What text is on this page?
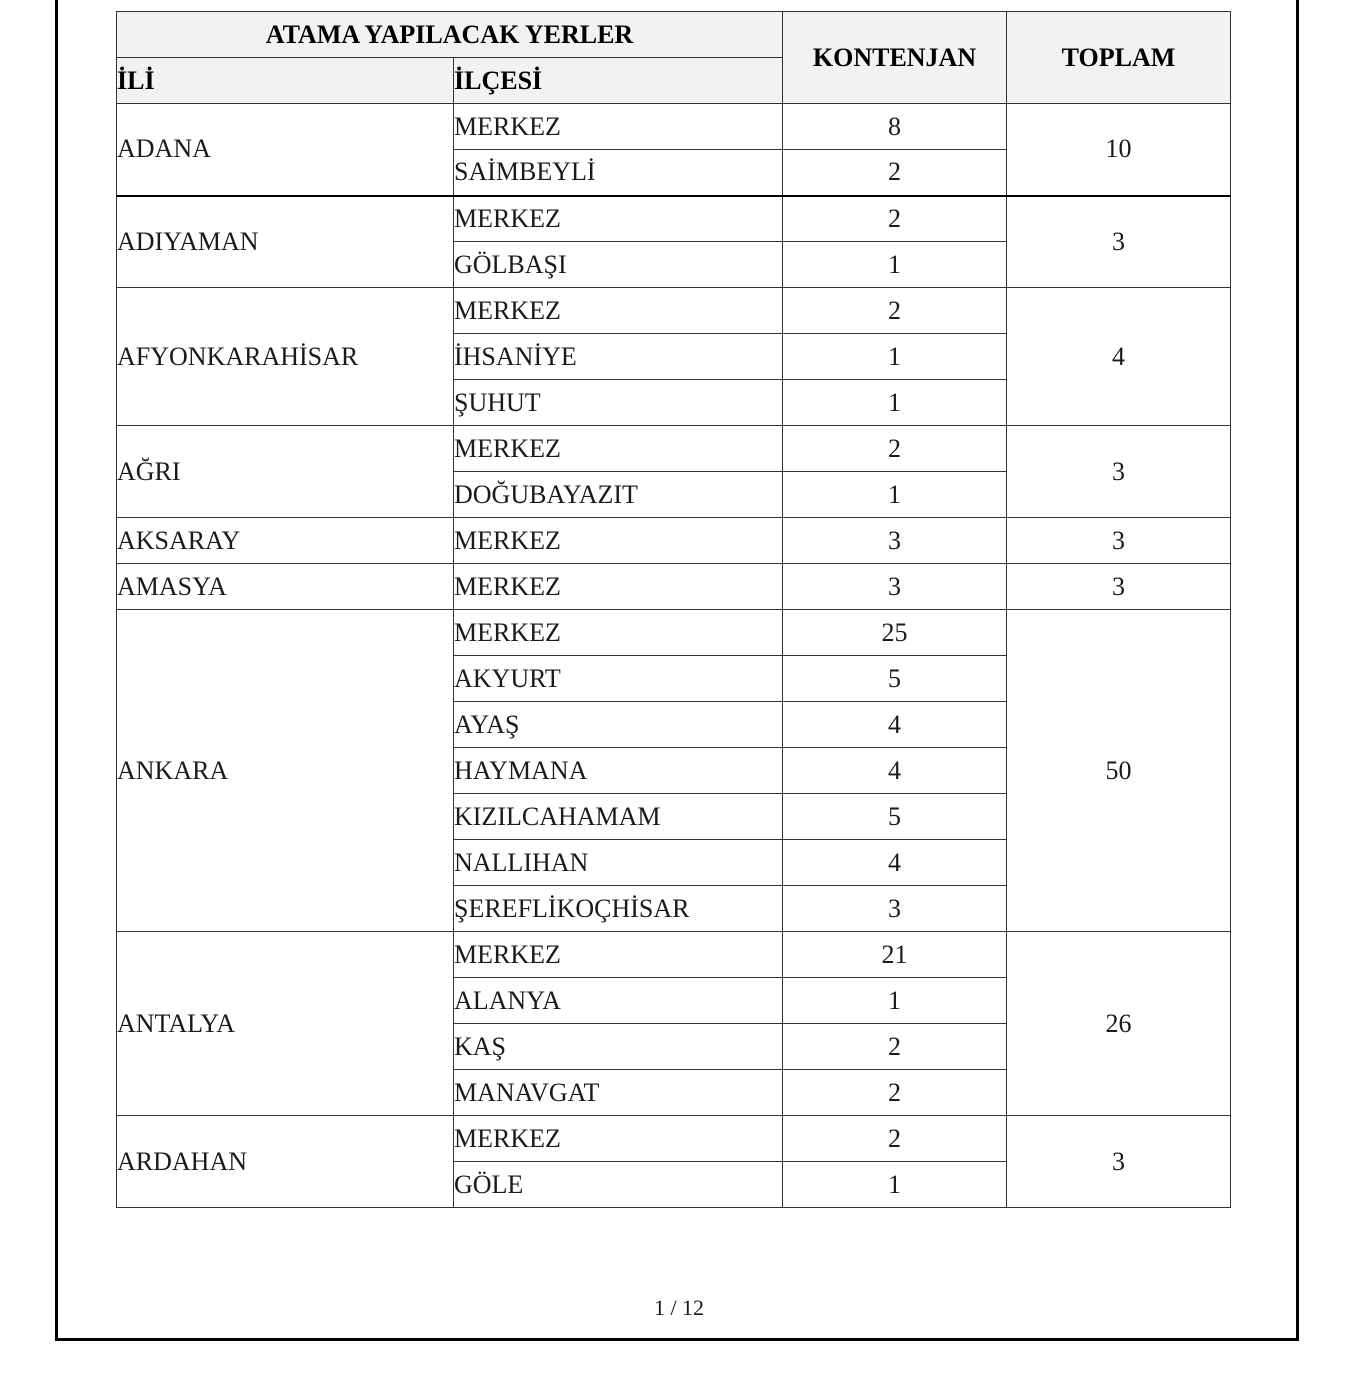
ATAMA YAPILACAK YERLER		KONTENJAN	TOPLAM
İLİ	İLÇESİ		
ADANA	MERKEZ	8	10
	SAİMBEYLİ	2	
ADIYAMAN	MERKEZ	2	3
	GÖLBAŞI	1	
AFYONKARAHİSAR	MERKEZ	2	4
	İHSANİYE	1	
	ŞUHUT	1	
AĞRI	MERKEZ	2	3
	DOĞUBAYAZIT	1	
AKSARAY	MERKEZ	3	3
AMASYA	MERKEZ	3	3
ANKARA	MERKEZ	25	50
	AKYURT	5	
	AYAŞ	4	
	HAYMANA	4	
	KIZILCAHAMAM	5	
	NALLIHAN	4	
	ŞEREFLİKOÇHİSAR	3	
ANTALYA	MERKEZ	21	26
	ALANYA	1	
	KAŞ	2	
	MANAVGAT	2	
ARDAHAN	MERKEZ	2	3
	GÖLE	1	
1 / 12
